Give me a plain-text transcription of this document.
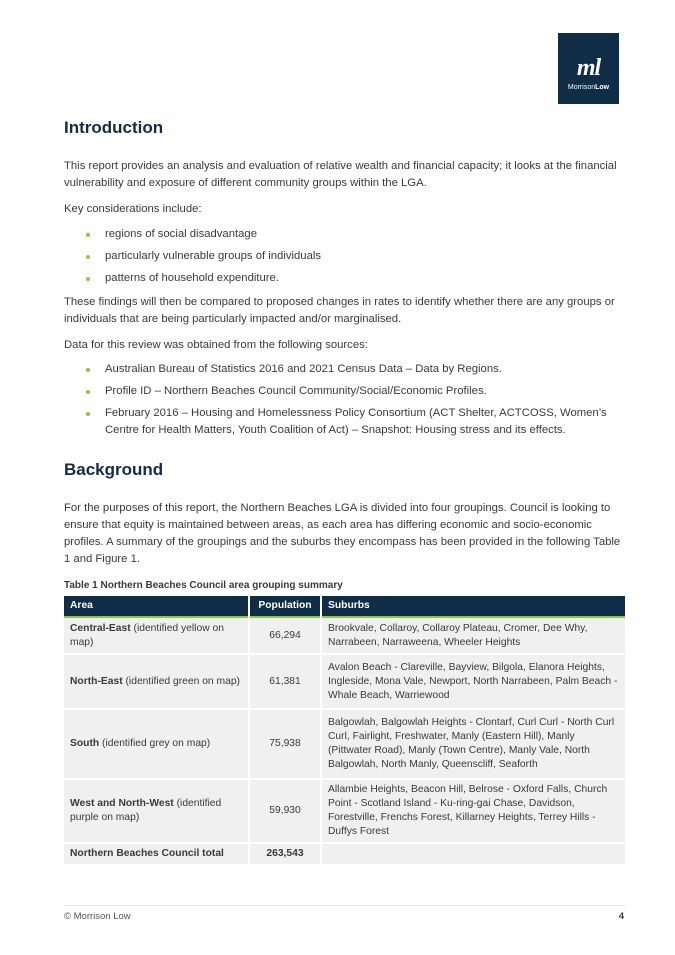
ml
MorrisonLow
Introduction

This report provides an analysis and evaluation of relative wealth and financial capacity; it looks at the financial vulnerability and exposure of different community groups within the LGA.

Key considerations include:

regions of social disadvantage
particularly vulnerable groups of individuals
patterns of household expenditure.

These findings will then be compared to proposed changes in rates to identify whether there are any groups or individuals that are being particularly impacted and/or marginalised.

Data for this review was obtained from the following sources:

Australian Bureau of Statistics 2016 and 2021 Census Data – Data by Regions.
Profile ID – Northern Beaches Council Community/Social/Economic Profiles.
February 2016 – Housing and Homelessness Policy Consortium (ACT Shelter, ACTCOSS, Women’s Centre for Health Matters, Youth Coalition of Act) – Snapshot: Housing stress and its effects.
Background

For the purposes of this report, the Northern Beaches LGA is divided into four groupings. Council is looking to ensure that equity is maintained between areas, as each area has differing economic and socio-economic profiles. A summary of the groupings and the suburbs they encompass has been provided in the following Table 1 and Figure 1.

Table 1 Northern Beaches Council area grouping summary
Area	Population	Suburbs
Central-East (identified yellow on map)	66,294	Brookvale, Collaroy, Collaroy Plateau, Cromer, Dee Why, Narrabeen, Narraweena, Wheeler Heights
North-East (identified green on map)	61,381	Avalon Beach - Clareville, Bayview, Bilgola, Elanora Heights, Ingleside, Mona Vale, Newport, North Narrabeen, Palm Beach - Whale Beach, Warriewood
South (identified grey on map)	75,938	Balgowlah, Balgowlah Heights - Clontarf, Curl Curl - North Curl Curl, Fairlight, Freshwater, Manly (Eastern Hill), Manly (Pittwater Road), Manly (Town Centre), Manly Vale, North Balgowlah, North Manly, Queenscliff, Seaforth
West and North-West (identified purple on map)	59,930	Allambie Heights, Beacon Hill, Belrose - Oxford Falls, Church Point - Scotland Island - Ku-ring-gai Chase, Davidson, Forestville, Frenchs Forest, Killarney Heights, Terrey Hills - Duffys Forest
Northern Beaches Council total	263,543	
© Morrison Low	4
